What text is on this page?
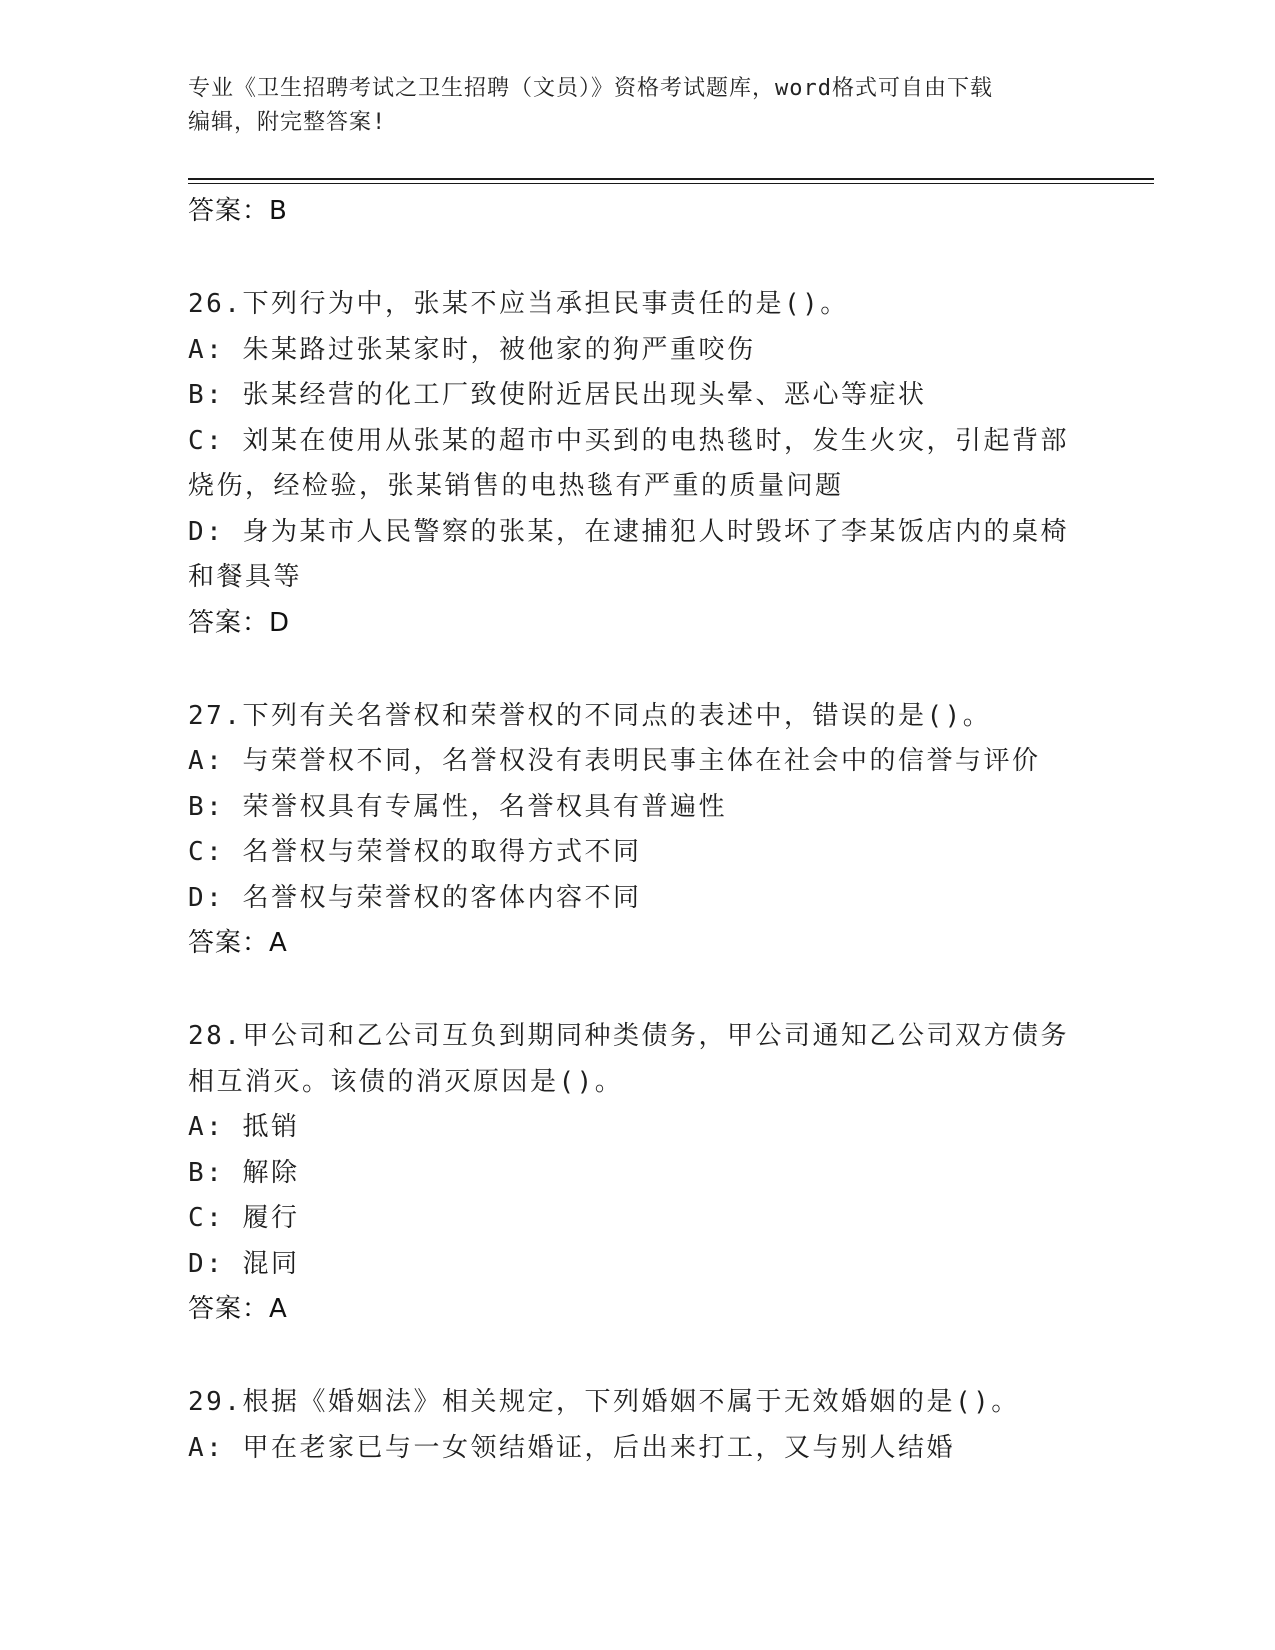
专业《卫生招聘考试之卫生招聘（文员）》资格考试题库，word格式可自由下载
编辑，附完整答案!
答案：B
26.下列行为中，张某不应当承担民事责任的是()。
A: 朱某路过张某家时，被他家的狗严重咬伤
B: 张某经营的化工厂致使附近居民出现头晕、恶心等症状
C: 刘某在使用从张某的超市中买到的电热毯时，发生火灾，引起背部
烧伤，经检验，张某销售的电热毯有严重的质量问题
D: 身为某市人民警察的张某，在逮捕犯人时毁坏了李某饭店内的桌椅
和餐具等
答案：D
27.下列有关名誉权和荣誉权的不同点的表述中，错误的是()。
A: 与荣誉权不同，名誉权没有表明民事主体在社会中的信誉与评价
B: 荣誉权具有专属性，名誉权具有普遍性
C: 名誉权与荣誉权的取得方式不同
D: 名誉权与荣誉权的客体内容不同
答案：A
28.甲公司和乙公司互负到期同种类债务，甲公司通知乙公司双方债务
相互消灭。该债的消灭原因是()。
A: 抵销
B: 解除
C: 履行
D: 混同
答案：A
29.根据《婚姻法》相关规定，下列婚姻不属于无效婚姻的是()。
A: 甲在老家已与一女领结婚证，后出来打工，又与别人结婚
